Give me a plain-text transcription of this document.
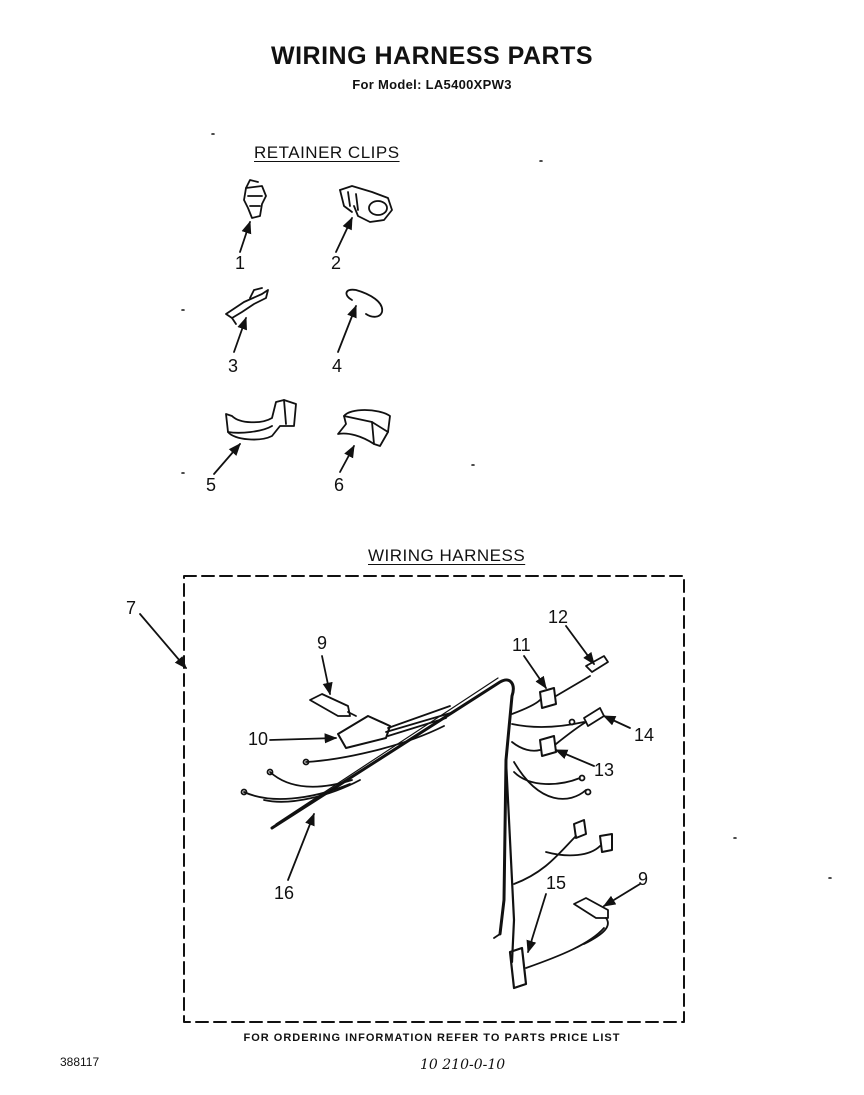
WIRING HARNESS PARTS
For Model: LA5400XPW3
RETAINER CLIPS
WIRING HARNESS
1	2
3	4
5	6
7
9
10
11
12
13
14
15	9
16
FOR ORDERING INFORMATION REFER TO PARTS PRICE LIST
388117	10 210-0-10
